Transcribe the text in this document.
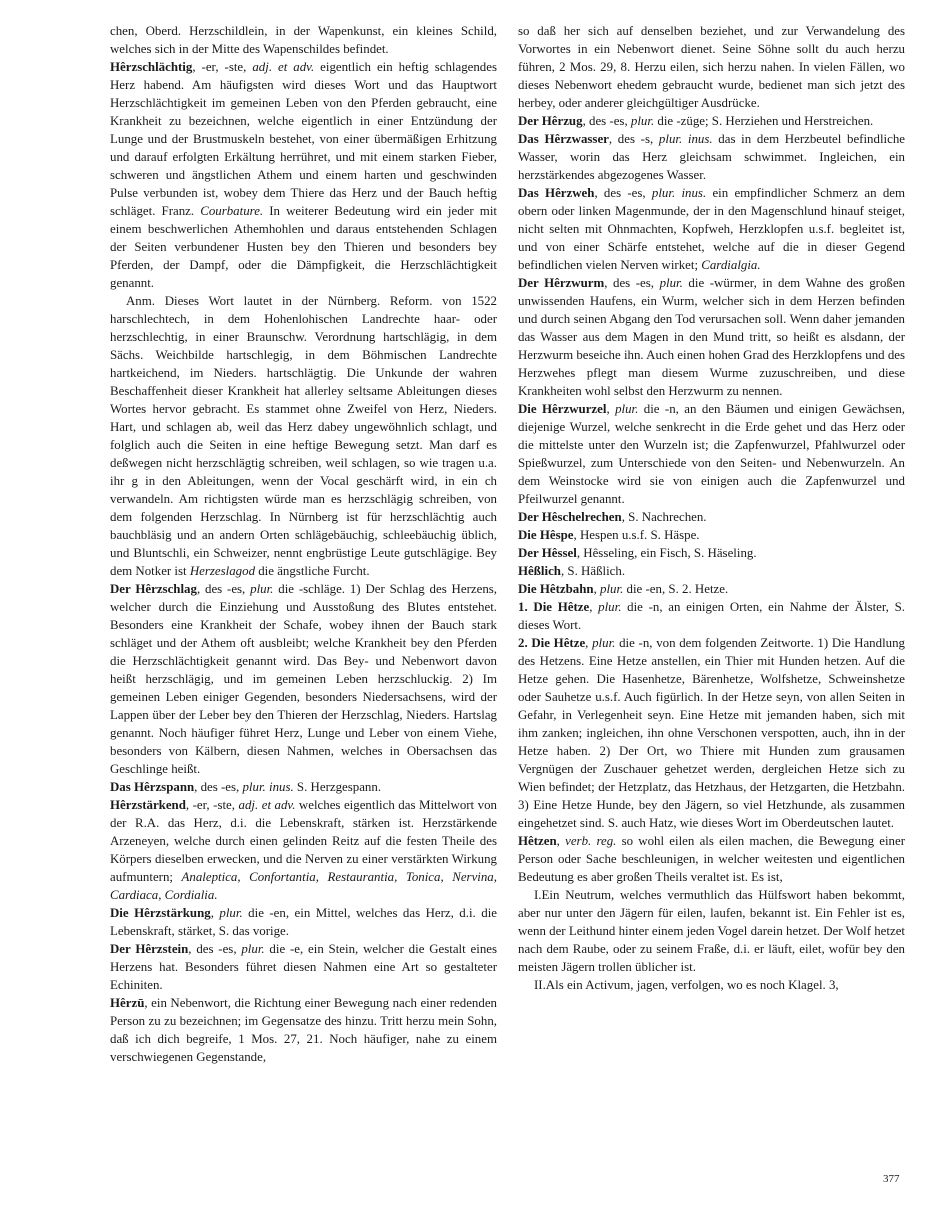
chen, Oberd. Herzschildlein, in der Wapenkunst, ein kleines Schild, welches sich in der Mitte des Wapenschildes befindet.

Hêrzschlächtig, -er, -ste, adj. et adv. eigentlich ein heftig schlagendes Herz habend. Am häufigsten wird dieses Wort und das Hauptwort Herzschlächtigkeit im gemeinen Leben von den Pferden gebraucht, eine Krankheit zu bezeichnen, welche eigentlich in einer Entzündung der Lunge und der Brustmuskeln bestehet, von einer übermäßigen Erhitzung und darauf erfolgten Erkältung herrühret, und mit einem starken Fieber, schweren und ängstlichen Athem und einem harten und geschwinden Pulse verbunden ist, wobey dem Thiere das Herz und der Bauch heftig schläget. Franz. Courbature. In weiterer Bedeutung wird ein jeder mit einem beschwerlichen Athemhohlen und daraus entstehenden Schlagen der Seiten verbundener Husten bey den Thieren und besonders bey Pferden, der Dampf, oder die Dämpfigkeit, die Herzschlächtigkeit genannt.

Anm. Dieses Wort lautet in der Nürnberg. Reform. von 1522 harschlechtech, in dem Hohenlohischen Landrechte haar- oder herzschlechtig, in einer Braunschw. Verordnung hartschlägig, in dem Sächs. Weichbilde hartschlegig, in dem Böhmischen Landrechte hartkeichend, im Nieders. hartschlägtig. Die Unkunde der wahren Beschaffenheit dieser Krankheit hat allerley seltsame Ableitungen dieses Wortes hervor gebracht. Es stammet ohne Zweifel von Herz, Nieders. Hart, und schlagen ab, weil das Herz dabey ungewöhnlich schlagt, und folglich auch die Seiten in eine heftige Bewegung setzt. Man darf es deßwegen nicht herzschlägtig schreiben, weil schlagen, so wie tragen u.a. ihr g in den Ableitungen, wenn der Vocal geschärft wird, in ein ch verwandeln. Am richtigsten würde man es herzschlägig schreiben, von dem folgenden Herzschlag. In Nürnberg ist für herzschlächtig auch bauchbläsig und an andern Orten schlägebäuchig, schleebäuchig üblich, und Bluntschli, ein Schweizer, nennt engbrüstige Leute gutschlägige. Bey dem Notker ist Herzeslagod die ängstliche Furcht.

Der Hêrzschlag, des -es, plur. die -schläge. 1) Der Schlag des Herzens, welcher durch die Einziehung und Ausstoßung des Blutes entstehet. Besonders eine Krankheit der Schafe, wobey ihnen der Bauch stark schläget und der Athem oft ausbleibt; welche Krankheit bey den Pferden die Herzschlächtigkeit genannt wird. Das Bey- und Nebenwort davon heißt herzschlägig, und im gemeinen Leben herzschluckig. 2) Im gemeinen Leben einiger Gegenden, besonders Niedersachsens, wird der Lappen über der Leber bey den Thieren der Herzschlag, Nieders. Hartslag genannt. Noch häufiger führet Herz, Lunge und Leber von einem Viehe, besonders von Kälbern, diesen Nahmen, welches in Obersachsen das Geschlinge heißt.

Das Hêrzspann, des -es, plur. inus. S. Herzgespann.

Hêrzstärkend, -er, -ste, adj. et adv. welches eigentlich das Mittelwort von der R.A. das Herz, d.i. die Lebenskraft, stärken ist. Herzstärkende Arzeneyen, welche durch einen gelinden Reitz auf die festen Theile des Körpers dieselben erwecken, und die Nerven zu einer verstärkten Wirkung aufmuntern; Analeptica, Confortantia, Restaurantia, Tonica, Nervina, Cardiaca, Cordialia.

Die Hêrzstärkung, plur. die -en, ein Mittel, welches das Herz, d.i. die Lebenskraft, stärket, S. das vorige.

Der Hêrzstein, des -es, plur. die -e, ein Stein, welcher die Gestalt eines Herzens hat. Besonders führet diesen Nahmen eine Art so gestalteter Echiniten.

Hêrzū, ein Nebenwort, die Richtung einer Bewegung nach einer redenden Person zu zu bezeichnen; im Gegensatze des hinzu. Tritt herzu mein Sohn, daß ich dich begreife, 1 Mos. 27, 21. Noch häufiger, nahe zu einem verschwiegenen Gegenstande,

so daß her sich auf denselben beziehet, und zur Verwandelung des Vorwortes in ein Nebenwort dienet. Seine Söhne sollt du auch herzu führen, 2 Mos. 29, 8. Herzu eilen, sich herzu nahen. In vielen Fällen, wo dieses Nebenwort ehedem gebraucht wurde, bedienet man sich jetzt des herbey, oder anderer gleichgültiger Ausdrücke.

Der Hêrzug, des -es, plur. die -züge; S. Herziehen und Herstreichen.

Das Hêrzwasser, des -s, plur. inus. das in dem Herzbeutel befindliche Wasser, worin das Herz gleichsam schwimmet. Ingleichen, ein herzstärkendes abgezogenes Wasser.

Das Hêrzweh, des -es, plur. inus. ein empfindlicher Schmerz an dem obern oder linken Magenmunde, der in den Magenschlund hinauf steiget, nicht selten mit Ohnmachten, Kopfweh, Herzklopfen u.s.f. begleitet ist, und von einer Schärfe entstehet, welche auf die in dieser Gegend befindlichen vielen Nerven wirket; Cardialgia.

Der Hêrzwurm, des -es, plur. die -würmer, in dem Wahne des großen unwissenden Haufens, ein Wurm, welcher sich in dem Herzen befinden und durch seinen Abgang den Tod verursachen soll. Wenn daher jemanden das Wasser aus dem Magen in den Mund tritt, so heißt es alsdann, der Herzwurm beseiche ihn. Auch einen hohen Grad des Herzklopfens und des Herzwehes pflegt man diesem Wurme zuzuschreiben, und diese Krankheiten wohl selbst den Herzwurm zu nennen.

Die Hêrzwurzel, plur. die -n, an den Bäumen und einigen Gewächsen, diejenige Wurzel, welche senkrecht in die Erde gehet und das Herz oder die mittelste unter den Wurzeln ist; die Zapfenwurzel, Pfahlwurzel oder Spießwurzel, zum Unterschiede von den Seiten- und Nebenwurzeln. An dem Weinstocke wird sie von einigen auch die Zapfenwurzel und Pfeilwurzel genannt.

Der Hêschelrechen, S. Nachrechen.

Die Hêspe, Hespen u.s.f. S. Häspe.

Der Hêssel, Hêsseling, ein Fisch, S. Häseling.

Hêßlich, S. Häßlich.

Die Hêtzbahn, plur. die -en, S. 2. Hetze.

1. Die Hêtze, plur. die -n, an einigen Orten, ein Nahme der Älster, S. dieses Wort.

2. Die Hêtze, plur. die -n, von dem folgenden Zeitworte. 1) Die Handlung des Hetzens. Eine Hetze anstellen, ein Thier mit Hunden hetzen. Auf die Hetze gehen. Die Hasenhetze, Bärenhetze, Wolfshetze, Schweinshetze oder Sauhetze u.s.f. Auch figürlich. In der Hetze seyn, von allen Seiten in Gefahr, in Verlegenheit seyn. Eine Hetze mit jemanden haben, sich mit ihm zanken; ingleichen, ihn ohne Verschonen verspotten, auch, ihn in der Hetze haben. 2) Der Ort, wo Thiere mit Hunden zum grausamen Vergnügen der Zuschauer gehetzet werden, dergleichen Hetze sich zu Wien befindet; der Hetzplatz, das Hetzhaus, der Hetzgarten, die Hetzbahn. 3) Eine Hetze Hunde, bey den Jägern, so viel Hetzhunde, als zusammen eingehetzet sind. S. auch Hatz, wie dieses Wort im Oberdeutschen lautet.

Hêtzen, verb. reg. so wohl eilen als eilen machen, die Bewegung einer Person oder Sache beschleunigen, in welcher weitesten und eigentlichen Bedeutung es aber großen Theils veraltet ist. Es ist,

I.Ein Neutrum, welches vermuthlich das Hülfswort haben bekommt, aber nur unter den Jägern für eilen, laufen, bekannt ist. Ein Fehler ist es, wenn der Leithund hinter einem jeden Vogel darein hetzet. Der Wolf hetzet nach dem Raube, oder zu seinem Fraße, d.i. er läuft, eilet, wofür bey den meisten Jägern trollen üblicher ist.

II.Als ein Activum, jagen, verfolgen, wo es noch Klagel. 3,

377
